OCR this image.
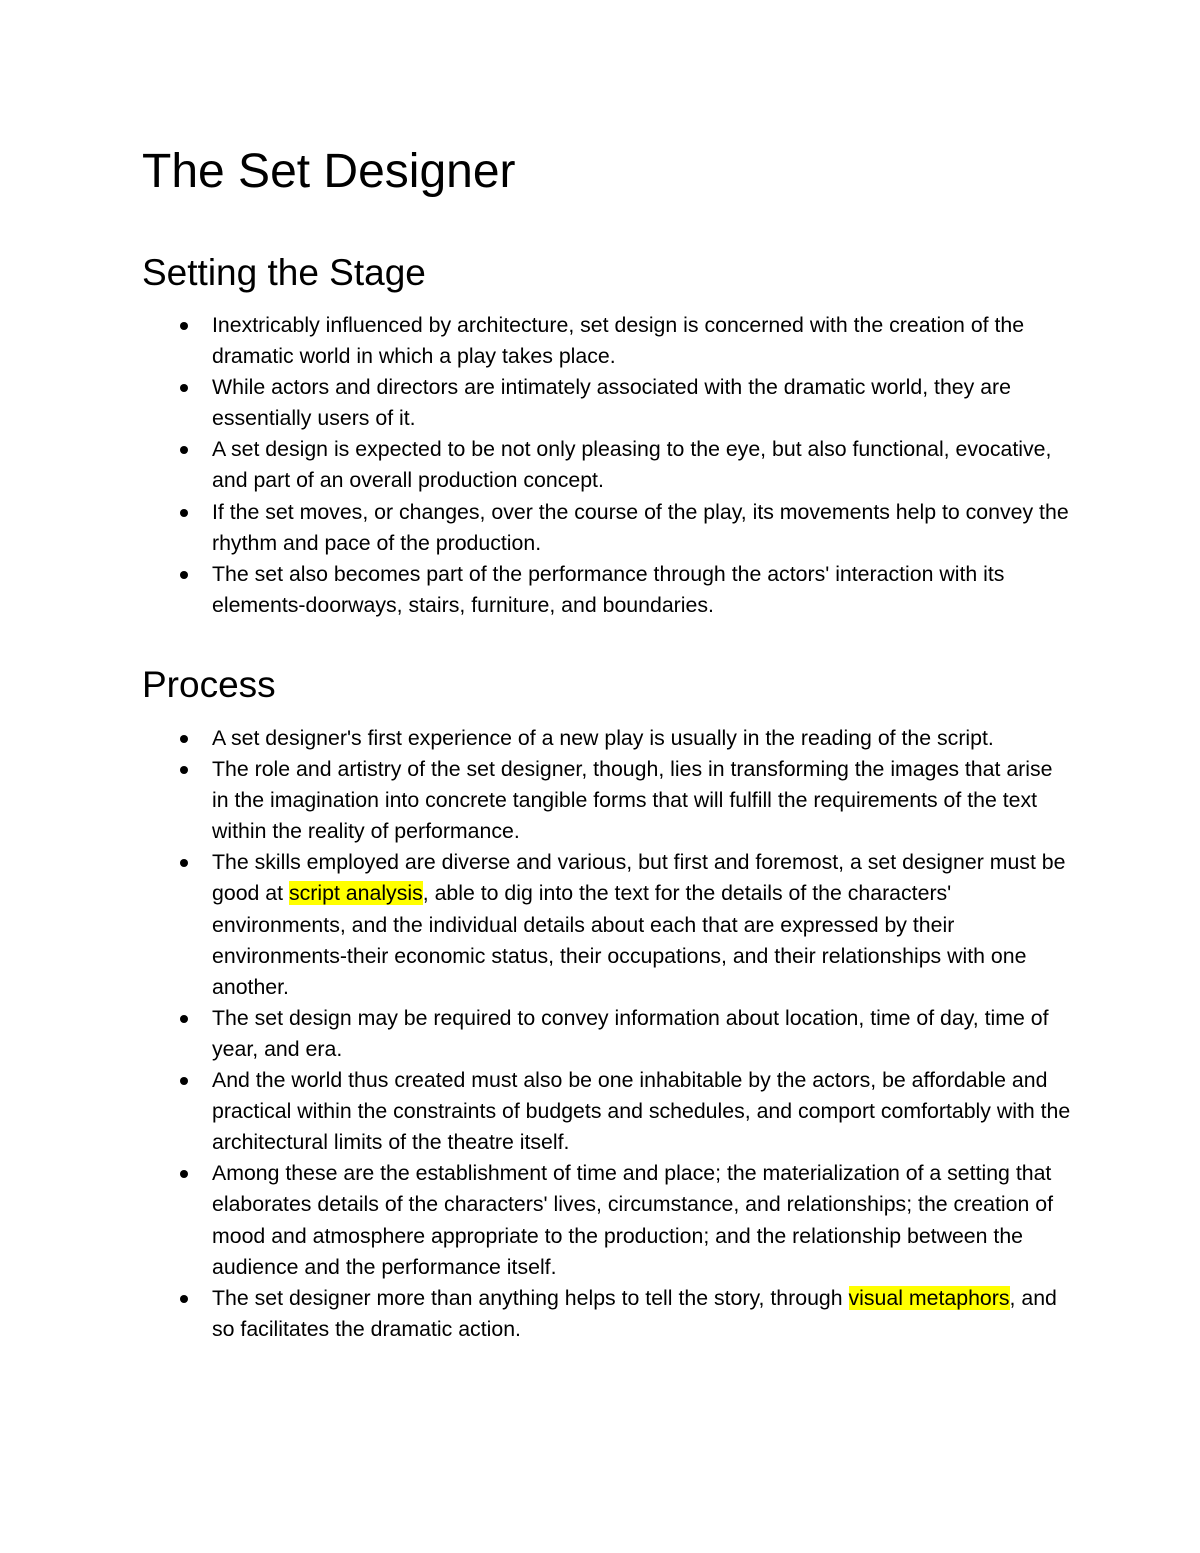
The Set Designer
Setting the Stage
Inextricably influenced by architecture, set design is concerned with the creation of the dramatic world in which a play takes place.
While actors and directors are intimately associated with the dramatic world, they are essentially users of it.
A set design is expected to be not only pleasing to the eye, but also functional, evocative, and part of an overall production concept.
If the set moves, or changes, over the course of the play, its movements help to convey the rhythm and pace of the production.
The set also becomes part of the performance through the actors' interaction with its elements-doorways, stairs, furniture, and boundaries.
Process
A set designer's first experience of a new play is usually in the reading of the script.
The role and artistry of the set designer, though, lies in transforming the images that arise in the imagination into concrete tangible forms that will fulfill the requirements of the text within the reality of performance.
The skills employed are diverse and various, but first and foremost, a set designer must be good at script analysis, able to dig into the text for the details of the characters' environments, and the individual details about each that are expressed by their environments-their economic status, their occupations, and their relationships with one another.
The set design may be required to convey information about location, time of day, time of year, and era.
And the world thus created must also be one inhabitable by the actors, be affordable and practical within the constraints of budgets and schedules, and comport comfortably with the architectural limits of the theatre itself.
Among these are the establishment of time and place; the materialization of a setting that elaborates details of the characters' lives, circumstance, and relationships; the creation of mood and atmosphere appropriate to the production; and the relationship between the audience and the performance itself.
The set designer more than anything helps to tell the story, through visual metaphors, and so facilitates the dramatic action.
